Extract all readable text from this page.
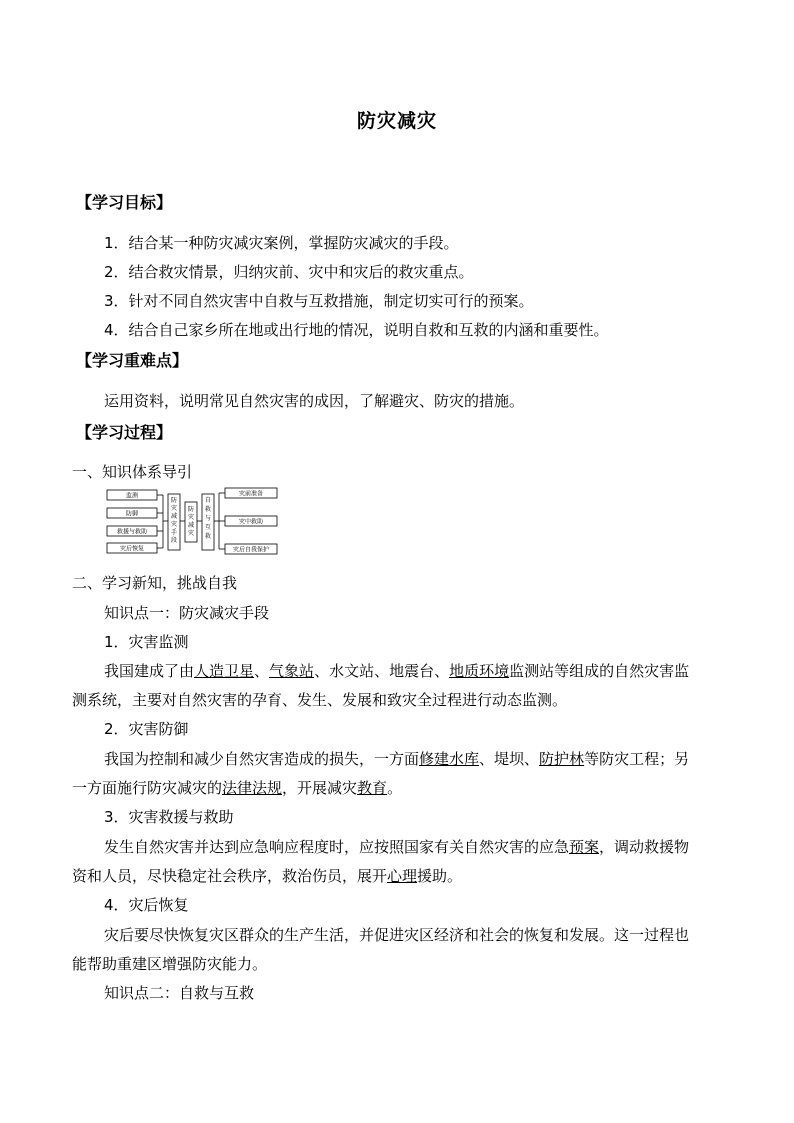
防灾减灾
【学习目标】
1．结合某一种防灾减灾案例，掌握防灾减灾的手段。
2．结合救灾情景，归纳灾前、灾中和灾后的救灾重点。
3．针对不同自然灾害中自救与互救措施，制定切实可行的预案。
4．结合自己家乡所在地或出行地的情况，说明自救和互救的内涵和重要性。
【学习重难点】
运用资料，说明常见自然灾害的成因，了解避灾、防灾的措施。
【学习过程】
一、知识体系导引
监测
防御
救援与救助
灾后恢复
灾前准备
灾中救助
灾后自我保护
防灾减灾手段
防灾减灾
自救与互救
二、学习新知，挑战自我
知识点一：防灾减灾手段
1．灾害监测
我国建成了由人造卫星、气象站、水文站、地震台、地质环境监测站等组成的自然灾害监
测系统，主要对自然灾害的孕育、发生、发展和致灾全过程进行动态监测。
2．灾害防御
我国为控制和减少自然灾害造成的损失，一方面修建水库、堤坝、防护林等防灾工程；另
一方面施行防灾减灾的法律法规，开展减灾教育。
3．灾害救援与救助
发生自然灾害并达到应急响应程度时，应按照国家有关自然灾害的应急预案，调动救援物
资和人员，尽快稳定社会秩序，救治伤员，展开心理援助。
4．灾后恢复
灾后要尽快恢复灾区群众的生产生活，并促进灾区经济和社会的恢复和发展。这一过程也
能帮助重建区增强防灾能力。
知识点二：自救与互救
